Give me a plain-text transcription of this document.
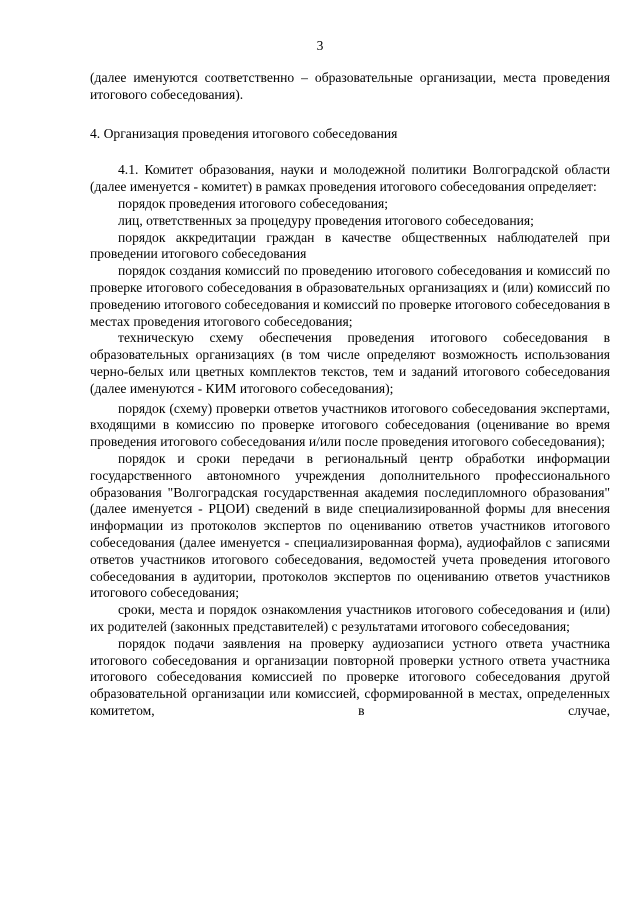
3

(далее именуются соответственно – образовательные организации, места проведения итогового собеседования).

4. Организация проведения итогового собеседования

4.1. Комитет образования, науки и молодежной политики Волгоградской области (далее именуется - комитет) в рамках проведения итогового собеседования определяет:

порядок проведения итогового собеседования;

лиц, ответственных за процедуру проведения итогового собеседования;

порядок аккредитации граждан в качестве общественных наблюдателей при проведении итогового собеседования

порядок создания комиссий по проведению итогового собеседования и комиссий по проверке итогового собеседования в образовательных организациях и (или) комиссий по проведению итогового собеседования и комиссий по проверке итогового собеседования в местах проведения итогового собеседования;

техническую схему обеспечения проведения итогового собеседования в образовательных организациях (в том числе определяют возможность использования черно-белых или цветных комплектов текстов, тем и заданий итогового собеседования (далее именуются - КИМ итогового собеседования);

порядок (схему) проверки ответов участников итогового собеседования экспертами, входящими в комиссию по проверке итогового собеседования (оценивание во время проведения итогового собеседования и/или после проведения итогового собеседования);

порядок и сроки передачи в региональный центр обработки информации государственного автономного учреждения дополнительного профессионального образования "Волгоградская государственная академия последипломного образования" (далее именуется - РЦОИ) сведений в виде специализированной формы для внесения информации из протоколов экспертов по оцениванию ответов участников итогового собеседования (далее именуется - специализированная форма), аудиофайлов с записями ответов участников итогового собеседования, ведомостей учета проведения итогового собеседования в аудитории, протоколов экспертов по оцениванию ответов участников итогового собеседования;

сроки, места и порядок ознакомления участников итогового собеседования и (или) их родителей (законных представителей) с результатами итогового собеседования;

порядок подачи заявления на проверку аудиозаписи устного ответа участника итогового собеседования и организации повторной проверки устного ответа участника итогового собеседования комиссией по проверке итогового собеседования другой образовательной организации или комиссией, сформированной в местах, определенных комитетом, в случае,
